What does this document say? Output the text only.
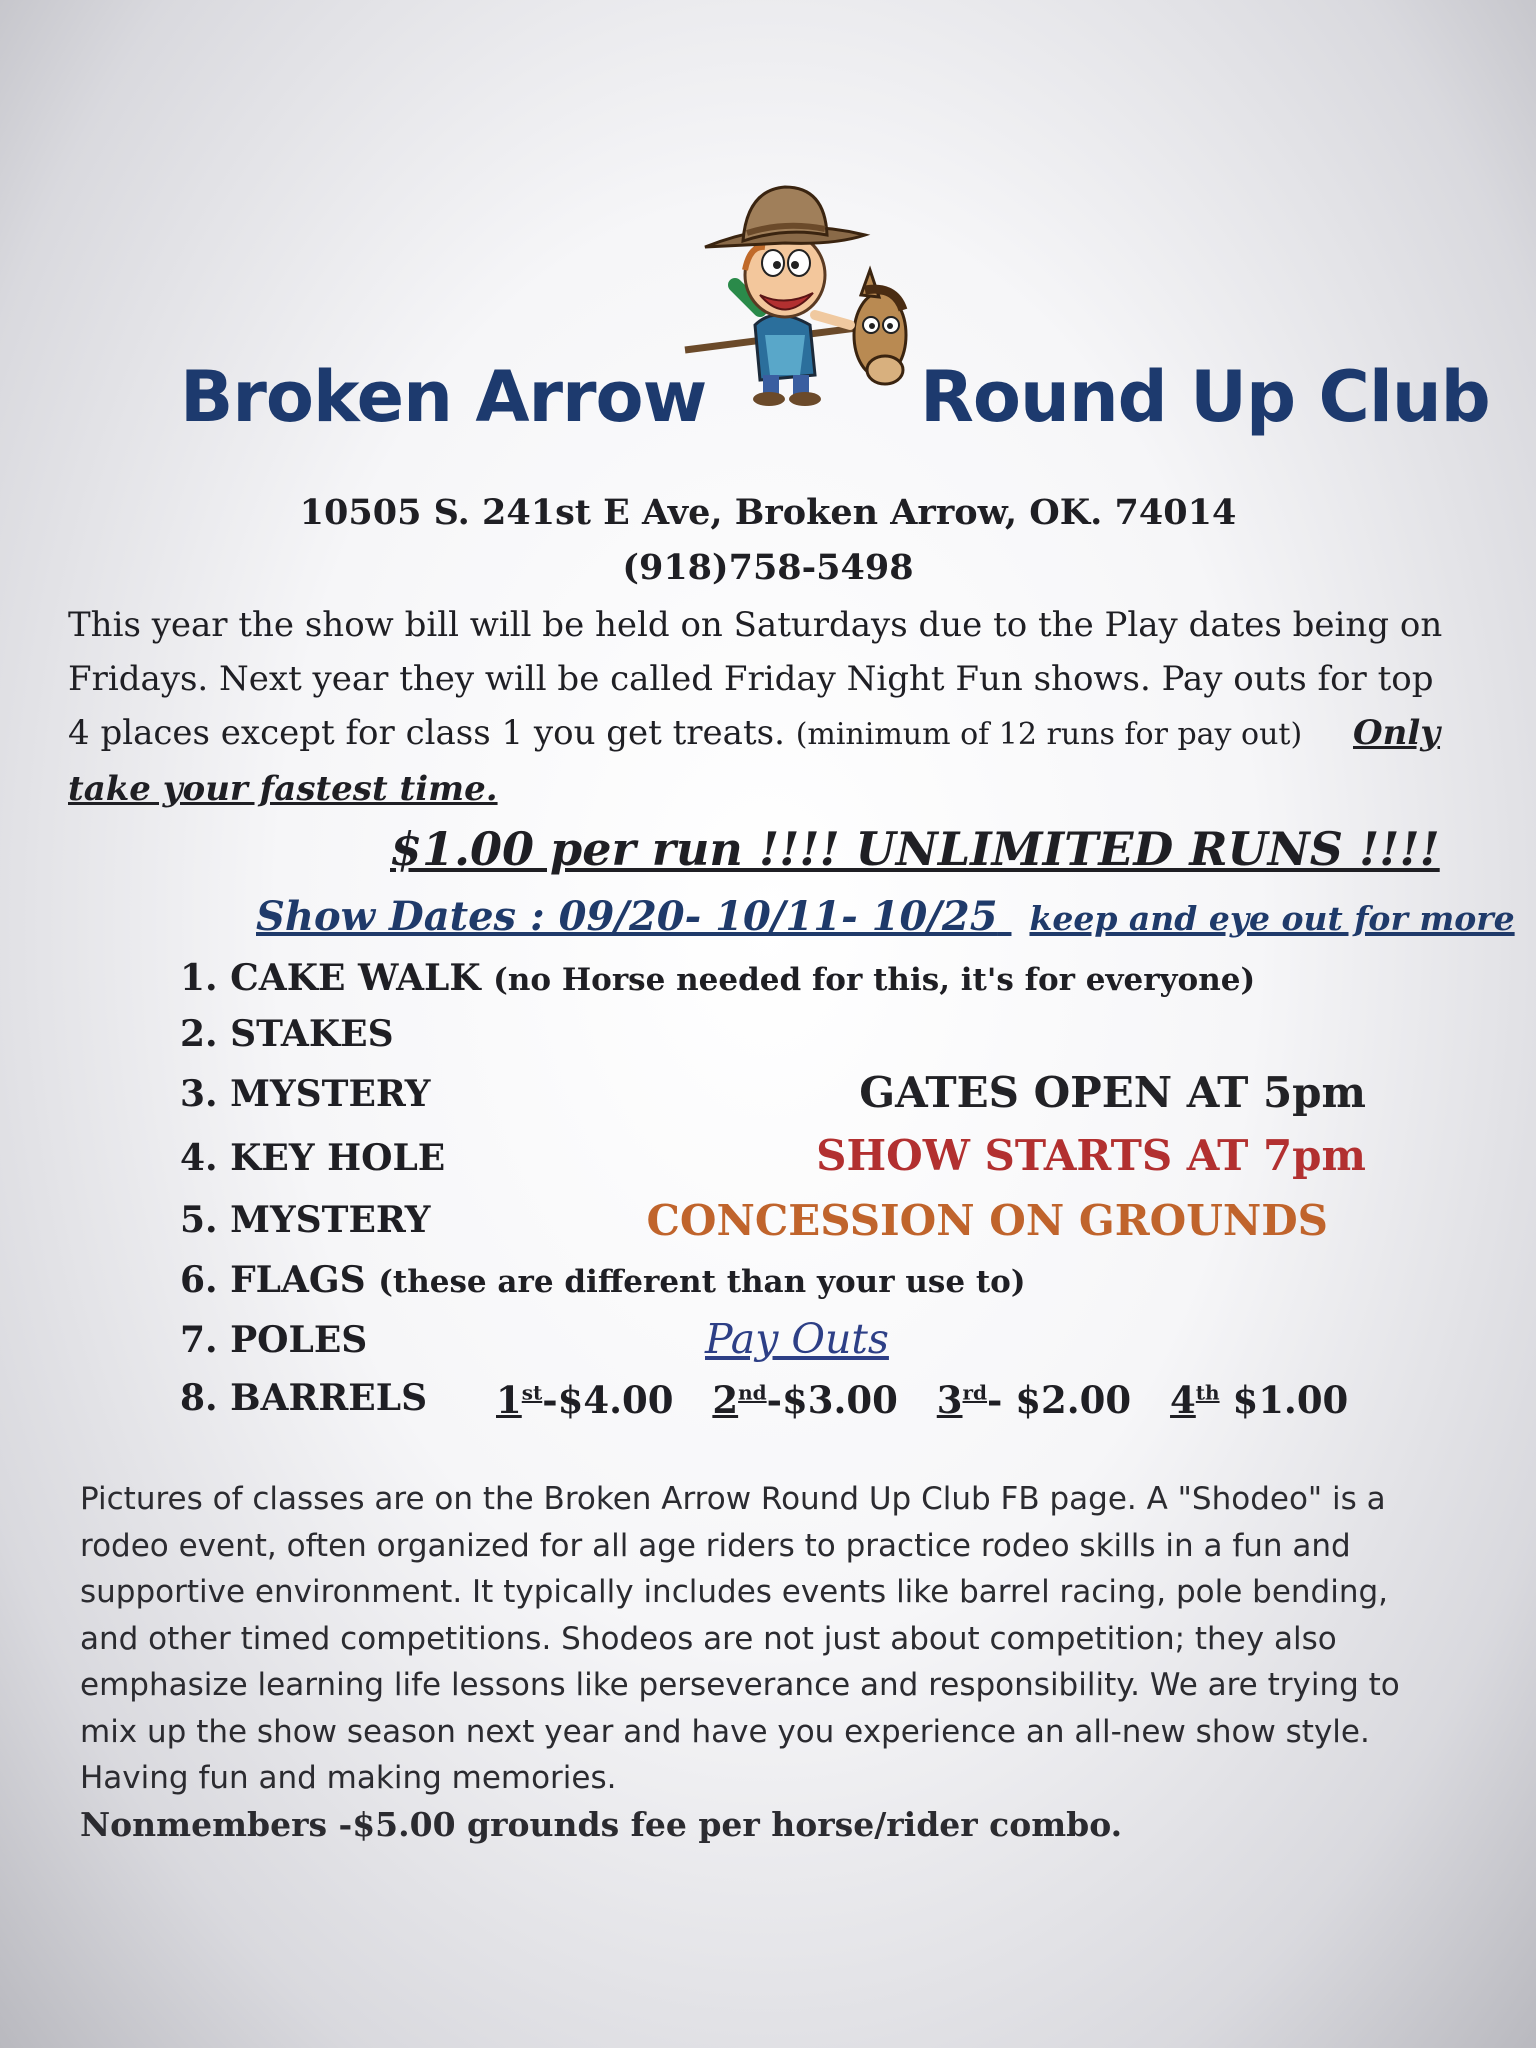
Broken Arrow	Round Up Club
10505 S. 241st E Ave, Broken Arrow, OK. 74014
(918)758-5498
This year the show bill will be held on Saturdays due to the Play dates being on Fridays. Next year they will be called Friday Night Fun shows. Pay outs for top 4 places except for class 1 you get treats. (minimum of 12 runs for pay out) Only take your fastest time.
$1.00 per run !!!! UNLIMITED RUNS !!!!
Show Dates : 09/20- 10/11- 10/25 keep and eye out for more
1. CAKE WALK (no Horse needed for this, it's for everyone)
2. STAKES
3. MYSTERY
4. KEY HOLE
5. MYSTERY
6. FLAGS (these are different than your use to)
7. POLES
8. BARRELS
GATES OPEN AT 5pm
SHOW STARTS AT 7pm
CONCESSION ON GROUNDS
Pay Outs
1st-$4.00 2nd-$3.00 3rd- $2.00 4th $1.00
Pictures of classes are on the Broken Arrow Round Up Club FB page. A "Shodeo" is a rodeo event, often organized for all age riders to practice rodeo skills in a fun and supportive environment. It typically includes events like barrel racing, pole bending, and other timed competitions. Shodeos are not just about competition; they also emphasize learning life lessons like perseverance and responsibility. We are trying to mix up the show season next year and have you experience an all-new show style. Having fun and making memories.
Nonmembers -$5.00 grounds fee per horse/rider combo.
